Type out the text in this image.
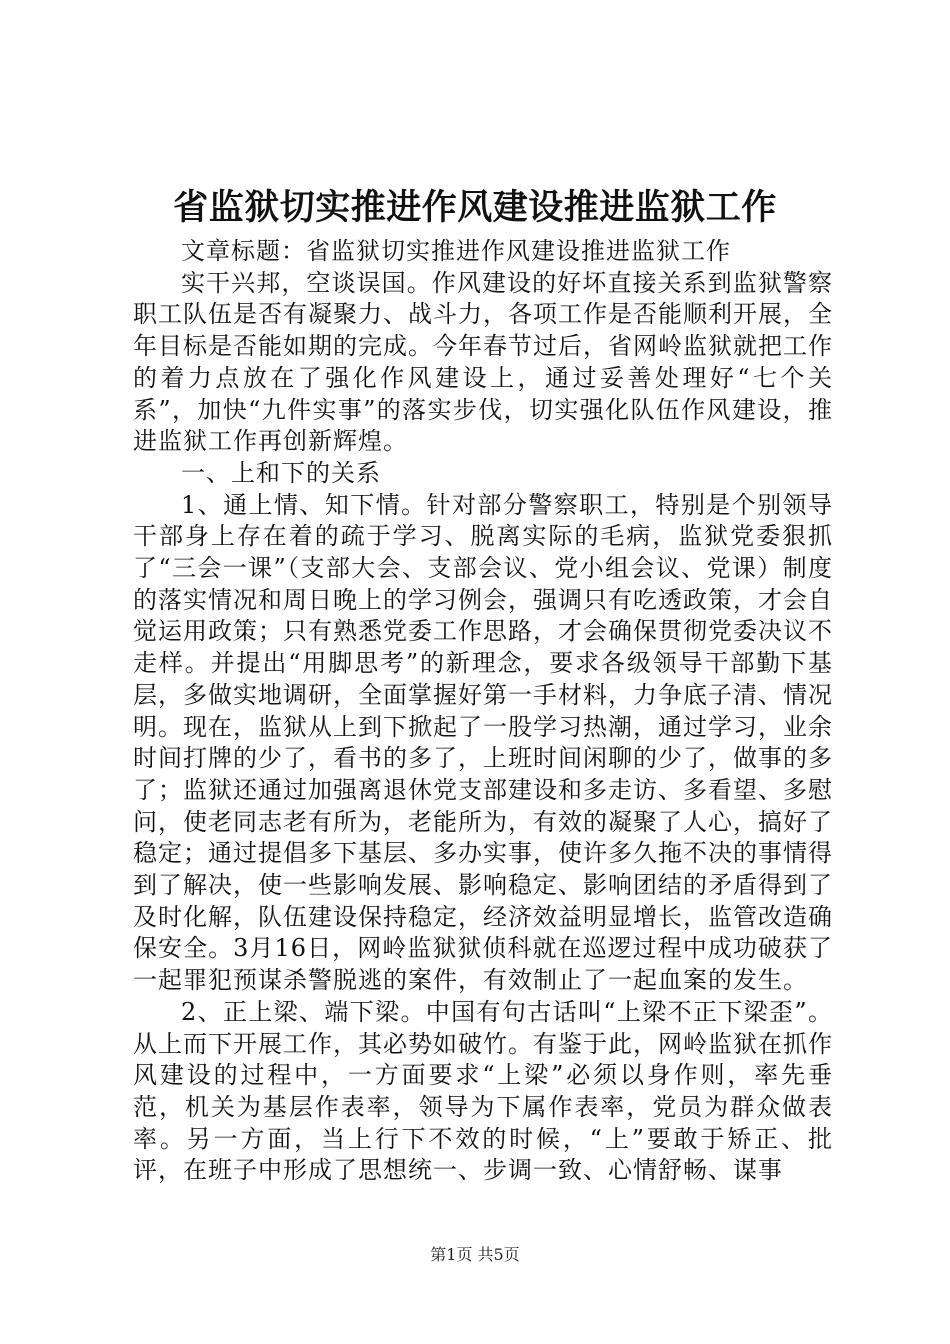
省监狱切实推进作风建设推进监狱工作

文章标题：省监狱切实推进作风建设推进监狱工作

实干兴邦，空谈误国。作风建设的好坏直接关系到监狱警察职工队伍是否有凝聚力、战斗力，各项工作是否能顺利开展，全年目标是否能如期的完成。今年春节过后，省网岭监狱就把工作的着力点放在了强化作风建设上，通过妥善处理好“七个关系”，加快“九件实事”的落实步伐，切实强化队伍作风建设，推进监狱工作再创新辉煌。

一、上和下的关系

1、通上情、知下情。针对部分警察职工，特别是个别领导干部身上存在着的疏于学习、脱离实际的毛病，监狱党委狠抓了“三会一课”（支部大会、支部会议、党小组会议、党课）制度的落实情况和周日晚上的学习例会，强调只有吃透政策，才会自觉运用政策；只有熟悉党委工作思路，才会确保贯彻党委决议不走样。并提出“用脚思考”的新理念，要求各级领导干部勤下基层，多做实地调研，全面掌握好第一手材料，力争底子清、情况明。现在，监狱从上到下掀起了一股学习热潮，通过学习，业余时间打牌的少了，看书的多了，上班时间闲聊的少了，做事的多了；监狱还通过加强离退休党支部建设和多走访、多看望、多慰问，使老同志老有所为，老能所为，有效的凝聚了人心，搞好了稳定；通过提倡多下基层、多办实事，使许多久拖不决的事情得到了解决，使一些影响发展、影响稳定、影响团结的矛盾得到了及时化解，队伍建设保持稳定，经济效益明显增长，监管改造确保安全。3月16日，网岭监狱狱侦科就在巡逻过程中成功破获了一起罪犯预谋杀警脱逃的案件，有效制止了一起血案的发生。

2、正上梁、端下梁。中国有句古话叫“上梁不正下梁歪”。从上而下开展工作，其必势如破竹。有鉴于此，网岭监狱在抓作风建设的过程中，一方面要求“上梁”必须以身作则，率先垂范，机关为基层作表率，领导为下属作表率，党员为群众做表率。另一方面，当上行下不效的时候，“上”要敢于矫正、批评，在班子中形成了思想统一、步调一致、心情舒畅、谋事

第1页 共5页
